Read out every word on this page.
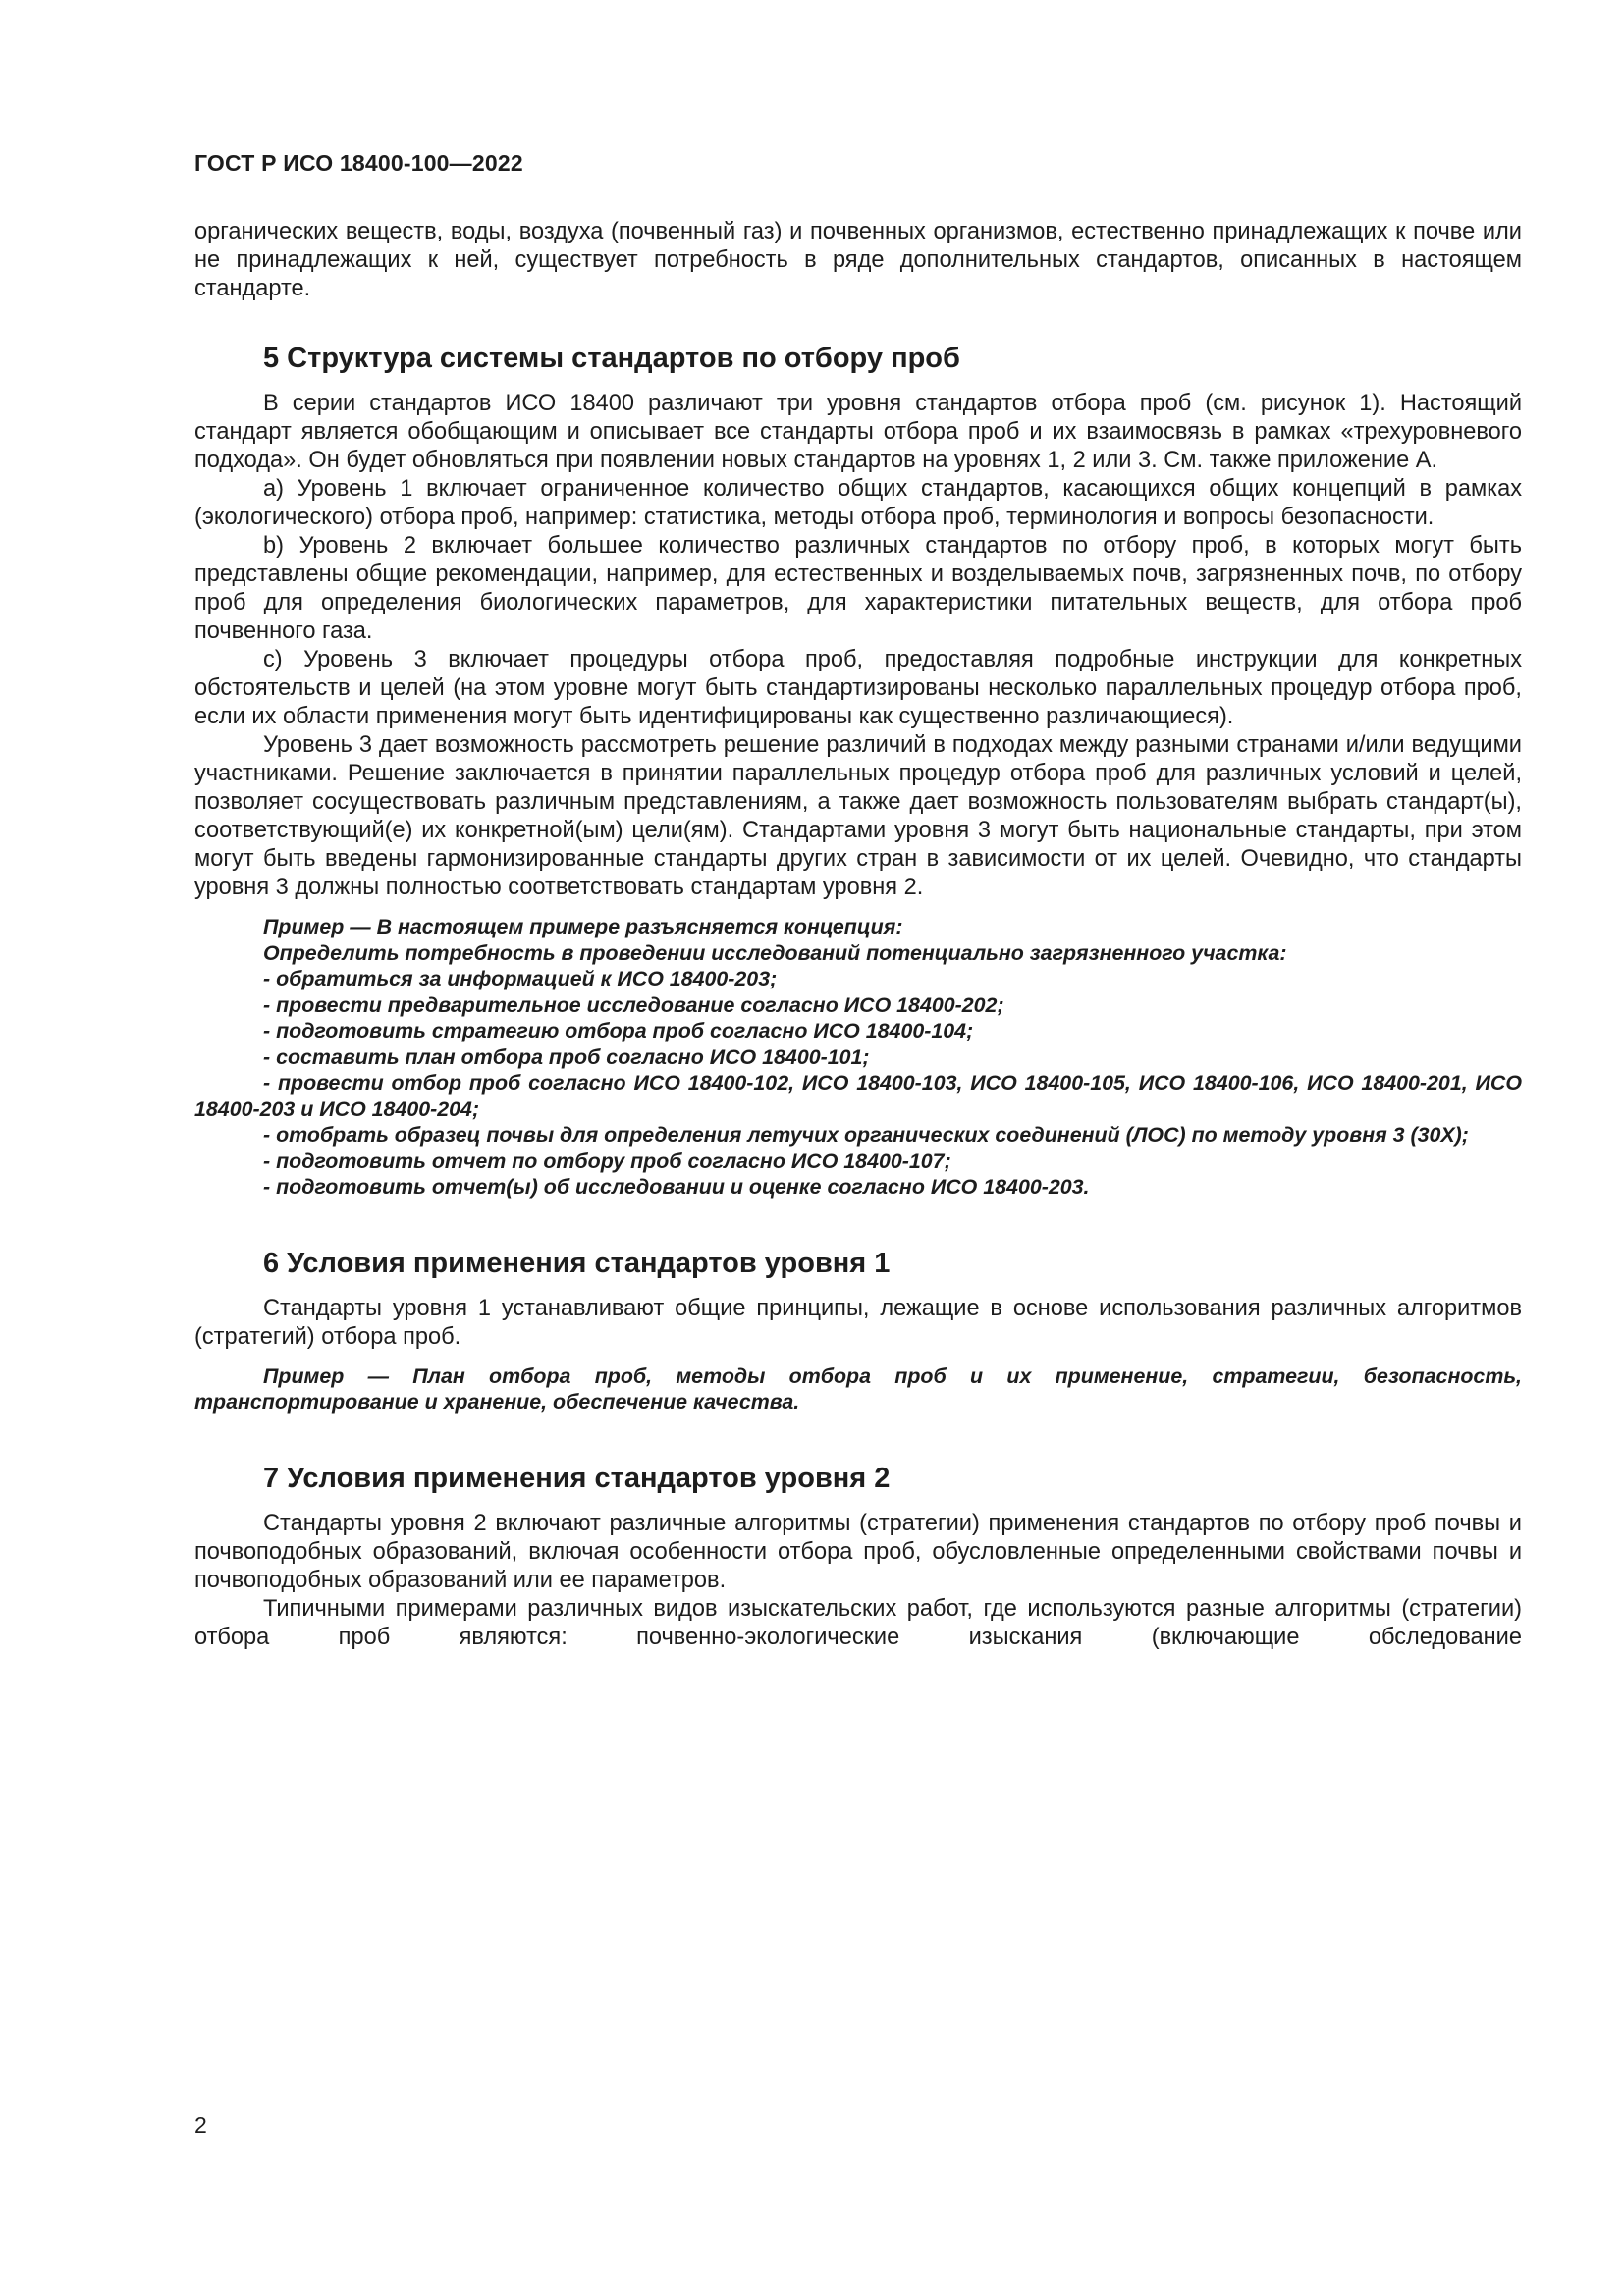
ГОСТ Р ИСО 18400-100—2022

органических веществ, воды, воздуха (почвенный газ) и почвенных организмов, естественно принадлежащих к почве или не принадлежащих к ней, существует потребность в ряде дополнительных стандартов, описанных в настоящем стандарте.

5 Структура системы стандартов по отбору проб

В серии стандартов ИСО 18400 различают три уровня стандартов отбора проб (см. рисунок 1). Настоящий стандарт является обобщающим и описывает все стандарты отбора проб и их взаимосвязь в рамках «трехуровневого подхода». Он будет обновляться при появлении новых стандартов на уровнях 1, 2 или 3. См. также приложение А.

а) Уровень 1 включает ограниченное количество общих стандартов, касающихся общих концепций в рамках (экологического) отбора проб, например: статистика, методы отбора проб, терминология и вопросы безопасности.

b) Уровень 2 включает большее количество различных стандартов по отбору проб, в которых могут быть представлены общие рекомендации, например, для естественных и возделываемых почв, загрязненных почв, по отбору проб для определения биологических параметров, для характеристики питательных веществ, для отбора проб почвенного газа.

с) Уровень 3 включает процедуры отбора проб, предоставляя подробные инструкции для конкретных обстоятельств и целей (на этом уровне могут быть стандартизированы несколько параллельных процедур отбора проб, если их области применения могут быть идентифицированы как существенно различающиеся).

Уровень 3 дает возможность рассмотреть решение различий в подходах между разными странами и/или ведущими участниками. Решение заключается в принятии параллельных процедур отбора проб для различных условий и целей, позволяет сосуществовать различным представлениям, а также дает возможность пользователям выбрать стандарт(ы), соответствующий(е) их конкретной(ым) цели(ям). Стандартами уровня 3 могут быть национальные стандарты, при этом могут быть введены гармонизированные стандарты других стран в зависимости от их целей. Очевидно, что стандарты уровня 3 должны полностью соответствовать стандартам уровня 2.

Пример — В настоящем примере разъясняется концепция:

Определить потребность в проведении исследований потенциально загрязненного участка:

- обратиться за информацией к ИСО 18400-203;

- провести предварительное исследование согласно ИСО 18400-202;

- подготовить стратегию отбора проб согласно ИСО 18400-104;

- составить план отбора проб согласно ИСО 18400-101;

- провести отбор проб согласно ИСО 18400-102, ИСО 18400-103, ИСО 18400-105, ИСО 18400-106, ИСО 18400-201, ИСО 18400-203 и ИСО 18400-204;

- отобрать образец почвы для определения летучих органических соединений (ЛОС) по методу уровня 3 (30X);

- подготовить отчет по отбору проб согласно ИСО 18400-107;

- подготовить отчет(ы) об исследовании и оценке согласно ИСО 18400-203.

6 Условия применения стандартов уровня 1

Стандарты уровня 1 устанавливают общие принципы, лежащие в основе использования различных алгоритмов (стратегий) отбора проб.

Пример — План отбора проб, методы отбора проб и их применение, стратегии, безопасность, транспортирование и хранение, обеспечение качества.

7 Условия применения стандартов уровня 2

Стандарты уровня 2 включают различные алгоритмы (стратегии) применения стандартов по отбору проб почвы и почвоподобных образований, включая особенности отбора проб, обусловленные определенными свойствами почвы и почвоподобных образований или ее параметров.

Типичными примерами различных видов изыскательских работ, где используются разные алгоритмы (стратегии) отбора проб являются: почвенно-экологические изыскания (включающие обследование

2
